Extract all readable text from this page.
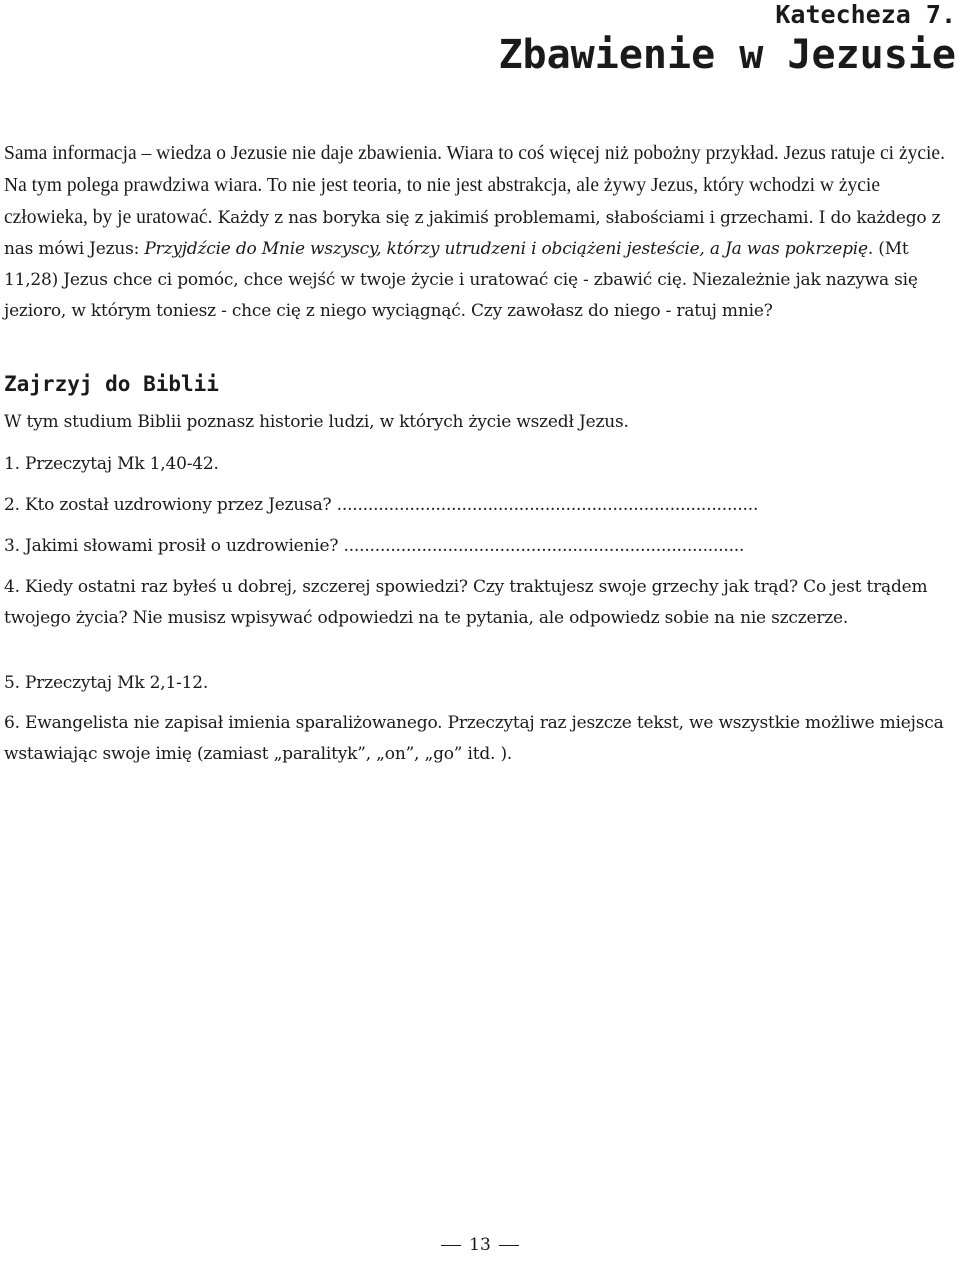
Katecheza 7.

Zbawienie w Jezusie

Sama informacja – wiedza o Jezusie nie daje zbawienia. Wiara to coś więcej niż pobożny przykład. Jezus ratuje ci życie. Na tym polega prawdziwa wiara. To nie jest teoria, to nie jest abstrakcja, ale żywy Jezus, który wchodzi w życie człowieka, by je uratować. Każdy z nas boryka się z jakimiś problemami, słabościami i grzechami. I do każdego z nas mówi Jezus: Przyjdźcie do Mnie wszyscy, którzy utrudzeni i obciążeni jesteście, a Ja was pokrzepię. (Mt 11,28) Jezus chce ci pomóc, chce wejść w twoje życie i uratować cię - zbawić cię. Niezależnie jak nazywa się jezioro, w którym toniesz - chce cię z niego wyciągnąć. Czy zawołasz do niego - ratuj mnie?

Zajrzyj do Biblii

W tym studium Biblii poznasz historie ludzi, w których życie wszedł Jezus.

1. Przeczytaj Mk 1,40-42.

2. Kto został uzdrowiony przez Jezusa? .................................................................................

3. Jakimi słowami prosił o uzdrowienie? .............................................................................

4. Kiedy ostatni raz byłeś u dobrej, szczerej spowiedzi? Czy traktujesz swoje grzechy jak trąd? Co jest trądem twojego życia? Nie musisz wpisywać odpowiedzi na te pytania, ale odpowiedz sobie na nie szczerze.

5. Przeczytaj Mk 2,1-12.

6. Ewangelista nie zapisał imienia sparaliżowanego. Przeczytaj raz jeszcze tekst, we wszystkie możliwe miejsca wstawiając swoje imię (zamiast „paralityk”, „on”, „go” itd. ).

13
